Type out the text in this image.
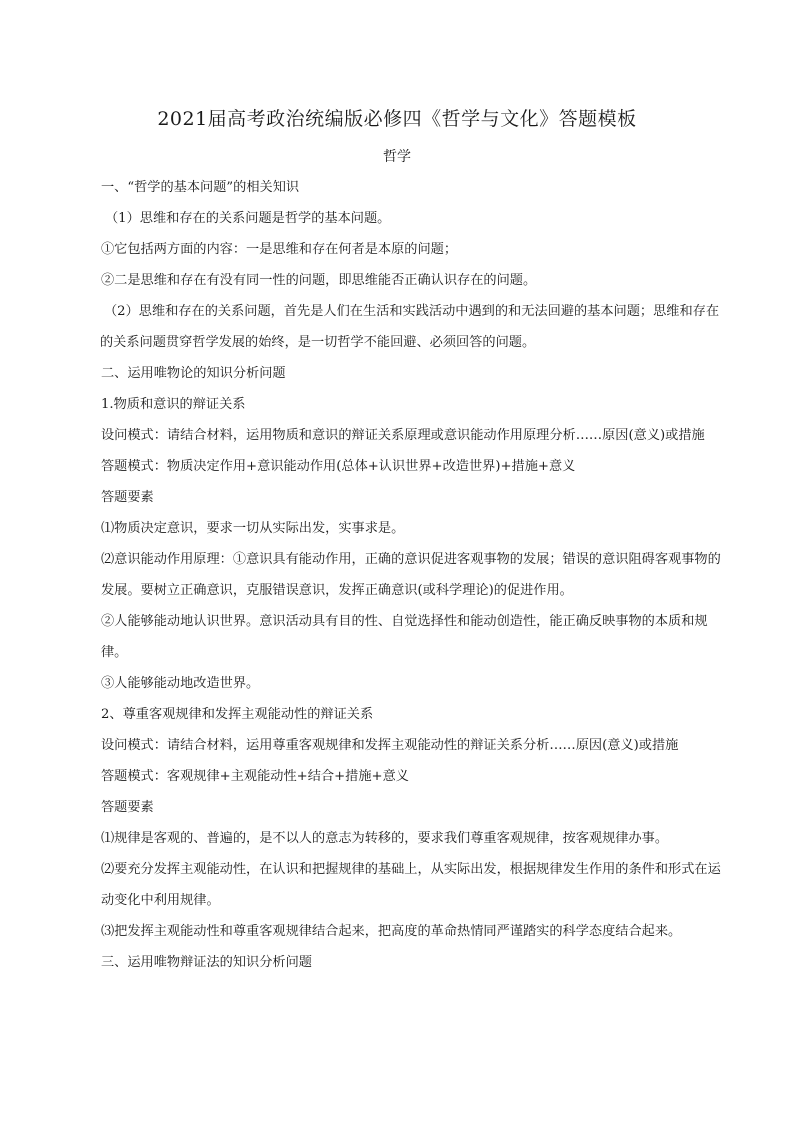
2021届高考政治统编版必修四《哲学与文化》答题模板
哲学

一、“哲学的基本问题”的相关知识

（1）思维和存在的关系问题是哲学的基本问题。

①它包括两方面的内容：一是思维和存在何者是本原的问题；

②二是思维和存在有没有同一性的问题，即思维能否正确认识存在的问题。

（2）思维和存在的关系问题，首先是人们在生活和实践活动中遇到的和无法回避的基本问题；思维和存在的关系问题贯穿哲学发展的始终，是一切哲学不能回避、必须回答的问题。

二、运用唯物论的知识分析问题

1.物质和意识的辩证关系

设问模式：请结合材料，运用物质和意识的辩证关系原理或意识能动作用原理分析……原因(意义)或措施

答题模式：物质决定作用+意识能动作用(总体+认识世界+改造世界)+措施+意义

答题要素

⑴物质决定意识，要求一切从实际出发，实事求是。

⑵意识能动作用原理：①意识具有能动作用，正确的意识促进客观事物的发展；错误的意识阻碍客观事物的发展。要树立正确意识，克服错误意识，发挥正确意识(或科学理论)的促进作用。

②人能够能动地认识世界。意识活动具有目的性、自觉选择性和能动创造性，能正确反映事物的本质和规律。

③人能够能动地改造世界。

2、尊重客观规律和发挥主观能动性的辩证关系

设问模式：请结合材料，运用尊重客观规律和发挥主观能动性的辩证关系分析……原因(意义)或措施

答题模式：客观规律+主观能动性+结合+措施+意义

答题要素

⑴规律是客观的、普遍的，是不以人的意志为转移的，要求我们尊重客观规律，按客观规律办事。

⑵要充分发挥主观能动性，在认识和把握规律的基础上，从实际出发，根据规律发生作用的条件和形式在运动变化中利用规律。

⑶把发挥主观能动性和尊重客观规律结合起来，把高度的革命热情同严谨踏实的科学态度结合起来。

三、运用唯物辩证法的知识分析问题
